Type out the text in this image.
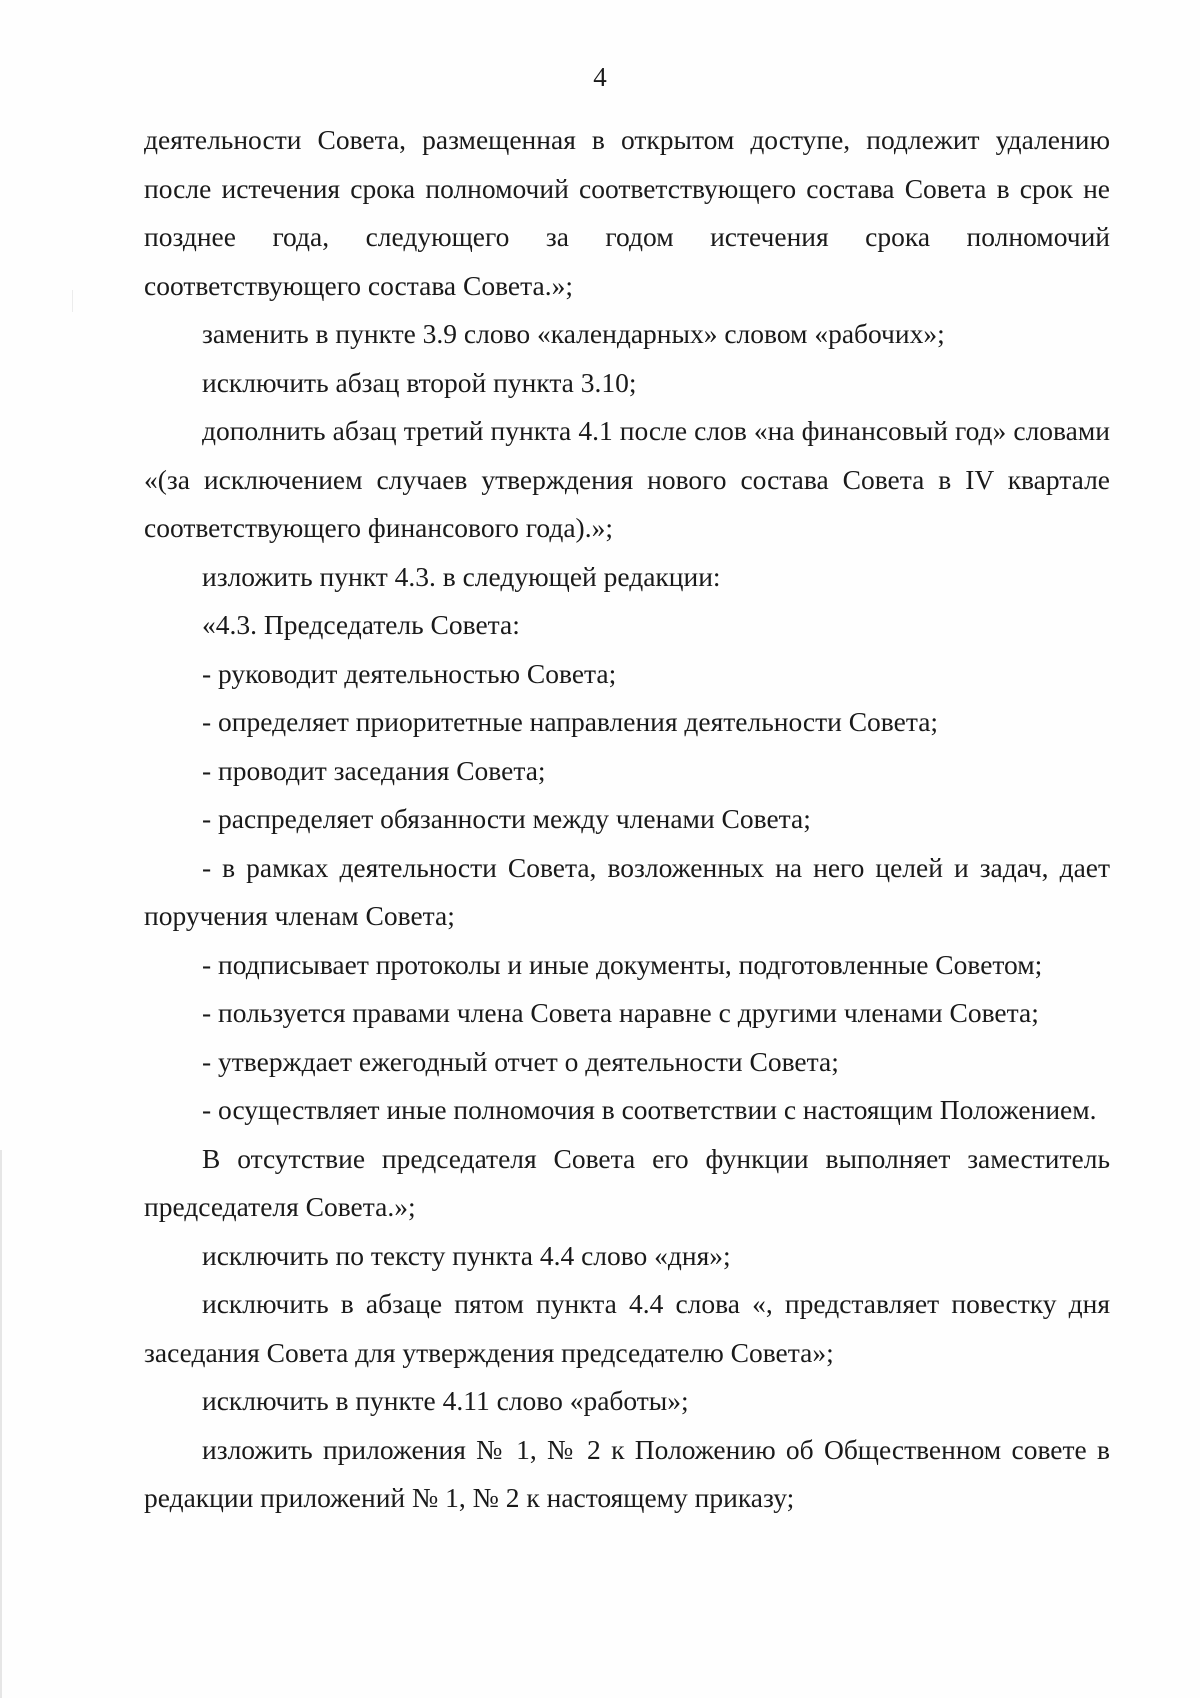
4

деятельности Совета, размещенная в открытом доступе, подлежит удалению после истечения срока полномочий соответствующего состава Совета в срок не позднее года, следующего за годом истечения срока полномочий соответствующего состава Совета.»;

заменить в пункте 3.9 слово «календарных» словом «рабочих»;

исключить абзац второй пункта 3.10;

дополнить абзац третий пункта 4.1 после слов «на финансовый год» словами «(за исключением случаев утверждения нового состава Совета в IV квартале соответствующего финансового года).»;

изложить пункт 4.3. в следующей редакции:

«4.3. Председатель Совета:

- руководит деятельностью Совета;

- определяет приоритетные направления деятельности Совета;

- проводит заседания Совета;

- распределяет обязанности между членами Совета;

- в рамках деятельности Совета, возложенных на него целей и задач, дает поручения членам Совета;

- подписывает протоколы и иные документы, подготовленные Советом;

- пользуется правами члена Совета наравне с другими членами Совета;

- утверждает ежегодный отчет о деятельности Совета;

- осуществляет иные полномочия в соответствии с настоящим Положением.

В отсутствие председателя Совета его функции выполняет заместитель председателя Совета.»;

исключить по тексту пункта 4.4 слово «дня»;

исключить в абзаце пятом пункта 4.4 слова «, представляет повестку дня заседания Совета для утверждения председателю Совета»;

исключить в пункте 4.11 слово «работы»;

изложить приложения № 1, № 2 к Положению об Общественном совете в редакции приложений № 1, № 2 к настоящему приказу;
